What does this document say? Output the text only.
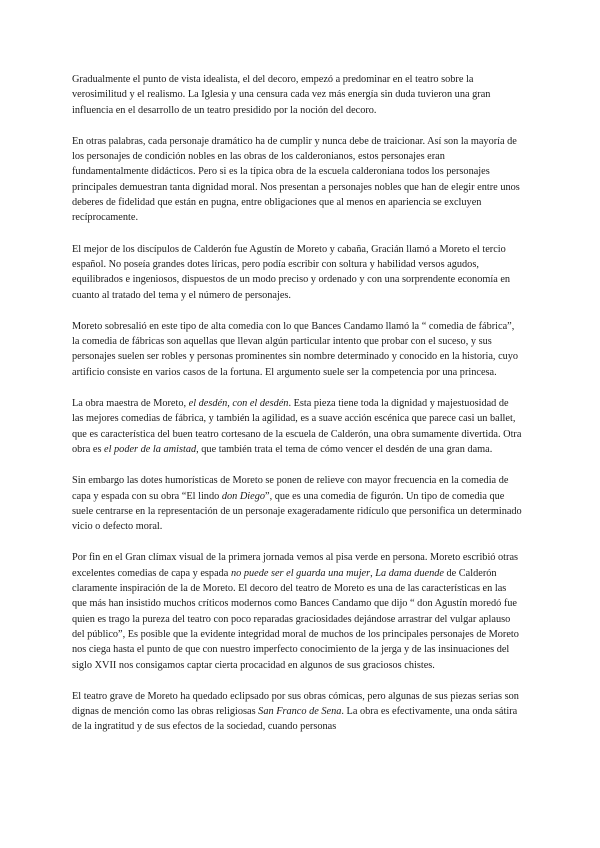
Gradualmente el punto de vista idealista, el del decoro, empezó a predominar en el teatro sobre la verosimilitud y el realismo. La Iglesia y una censura cada vez más energía sin duda tuvieron una gran influencia en el desarrollo de un teatro presidido por la noción del decoro.

En otras palabras, cada personaje dramático ha de cumplir y nunca debe de traicionar. Así son la mayoría de los personajes de condición nobles en las obras de los calderonianos, estos personajes eran fundamentalmente didácticos. Pero si es la típica obra de la escuela calderoniana todos los personajes principales demuestran tanta dignidad moral. Nos presentan a personajes nobles que han de elegir entre unos deberes de fidelidad que están en pugna, entre obligaciones que al menos en apariencia se excluyen recíprocamente.

El mejor de los discípulos de Calderón fue Agustín de Moreto y cabaña, Gracián llamó a Moreto el tercio español. No poseía grandes dotes líricas, pero podía escribir con soltura y habilidad versos agudos, equilibrados e ingeniosos, dispuestos de un modo preciso y ordenado y con una sorprendente economía en cuanto al tratado del tema y el número de personajes.

Moreto sobresalió en este tipo de alta comedia con lo que Bances Candamo llamó la “ comedia de fábrica”, la comedia de fábricas son aquellas que llevan algún particular intento que probar con el suceso, y sus personajes suelen ser robles y personas prominentes sin nombre determinado y conocido en la historia, cuyo artificio consiste en varios casos de la fortuna. El argumento suele ser la competencia por una princesa.

La obra maestra de Moreto, el desdén, con el desdén. Esta pieza tiene toda la dignidad y majestuosidad de las mejores comedias de fábrica, y también la agilidad, es a suave acción escénica que parece casi un ballet, que es característica del buen teatro cortesano de la escuela de Calderón, una obra sumamente divertida. Otra obra es el poder de la amistad, que también trata el tema de cómo vencer el desdén de una gran dama.

Sin embargo las dotes humorísticas de Moreto se ponen de relieve con mayor frecuencia en la comedia de capa y espada con su obra “El lindo don Diego”, que es una comedia de figurón. Un tipo de comedia que suele centrarse en la representación de un personaje exageradamente ridículo que personifica un determinado vicio o defecto moral.

Por fin en el Gran clímax visual de la primera jornada vemos al pisa verde en persona. Moreto escribió otras excelentes comedias de capa y espada no puede ser el guarda una mujer, La dama duende de Calderón claramente inspiración de la de Moreto. El decoro del teatro de Moreto es una de las características en las que más han insistido muchos críticos modernos como Bances Candamo que dijo “ don Agustín moredó fue quien es trago la pureza del teatro con poco reparadas graciosidades dejándose arrastrar del vulgar aplauso del público”, Es posible que la evidente integridad moral de muchos de los principales personajes de Moreto nos ciega hasta el punto de que con nuestro imperfecto conocimiento de la jerga y de las insinuaciones del siglo XVII nos consigamos captar cierta procacidad en algunos de sus graciosos chistes.

El teatro grave de Moreto ha quedado eclipsado por sus obras cómicas, pero algunas de sus piezas serias son dignas de mención como las obras religiosas San Franco de Sena. La obra es efectivamente, una onda sátira de la ingratitud y de sus efectos de la sociedad, cuando personas
